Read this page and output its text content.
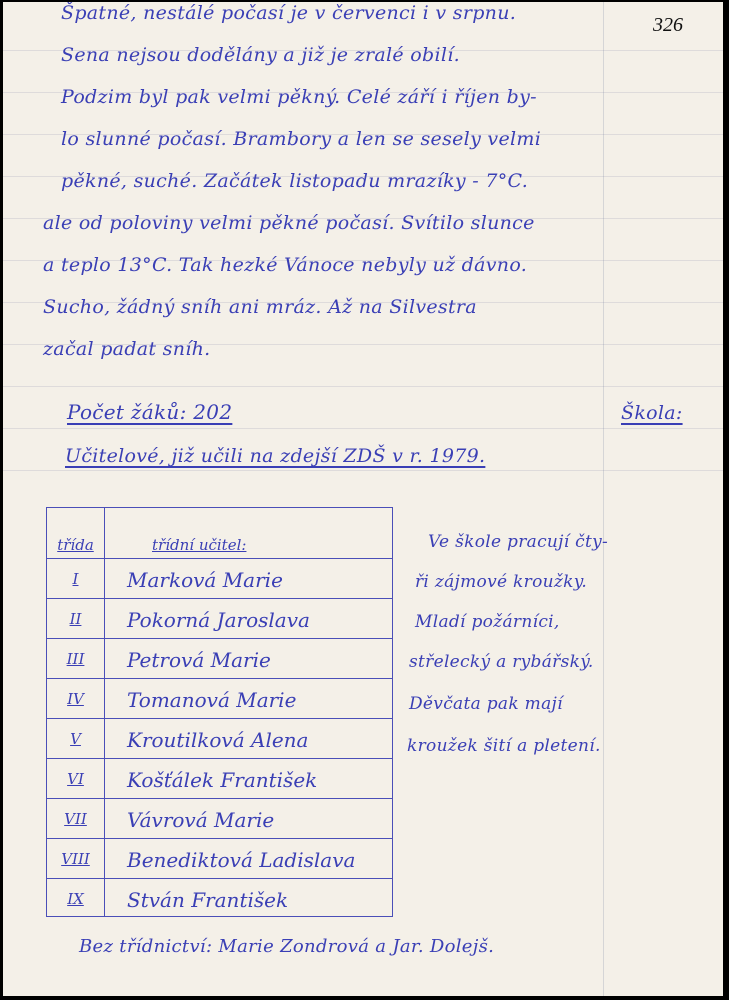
326
Špatné, nestálé počasí je v červenci i v srpnu.
Sena nejsou dodělány a již je zralé obilí.
Podzim byl pak velmi pěkný. Celé září i říjen by-
lo slunné počasí. Brambory a len se sesely velmi
pěkné, suché. Začátek listopadu mrazíky - 7°C.
ale od poloviny velmi pěkné počasí. Svítilo slunce
a teplo 13°C. Tak hezké Vánoce nebyly už dávno.
Sucho, žádný sníh ani mráz. Až na Silvestra
začal padat sníh.
Počet žáků: 202	Škola:
Učitelové, již učili na zdejší ZDŠ v r. 1979.
třída	třídní učitel:
I	Marková Marie
II	Pokorná Jaroslava
III	Petrová Marie
IV	Tomanová Marie
V	Kroutilková Alena
VI	Košťálek František
VII	Vávrová Marie
VIII	Benediktová Ladislava
IX	Stván František
Ve škole pracují čty-
ři zájmové kroužky.
Mladí požárníci,
střelecký a rybářský.
Děvčata pak mají
kroužek šití a pletení.
Bez třídnictví: Marie Zondrová a Jar. Dolejš.
